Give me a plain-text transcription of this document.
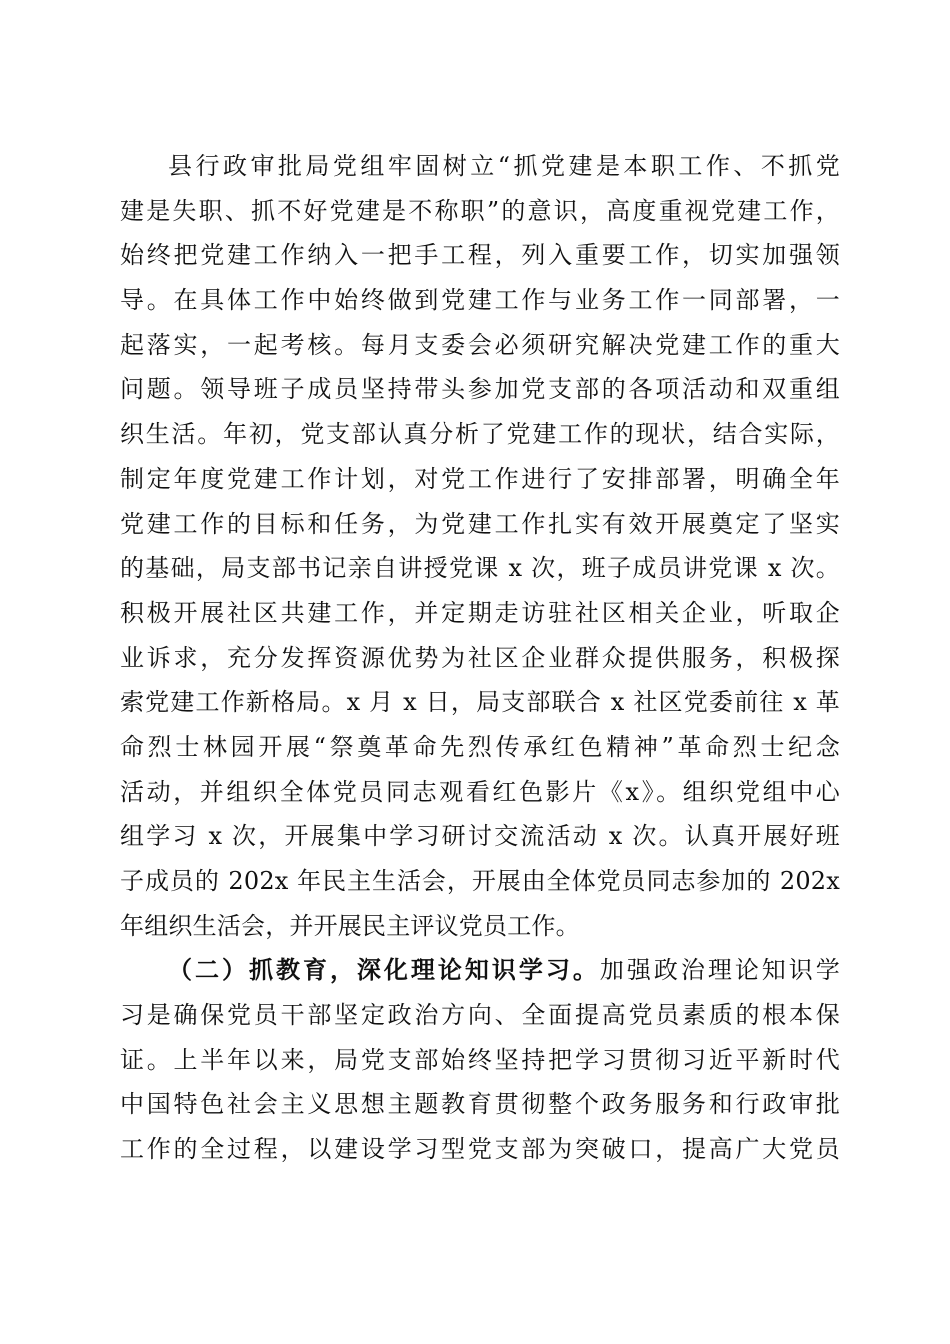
县行政审批局党组牢固树立“抓党建是本职工作、不抓党
建是失职、抓不好党建是不称职”的意识，高度重视党建工作，
始终把党建工作纳入一把手工程，列入重要工作，切实加强领
导。在具体工作中始终做到党建工作与业务工作一同部署，一
起落实，一起考核。每月支委会必须研究解决党建工作的重大
问题。领导班子成员坚持带头参加党支部的各项活动和双重组
织生活。年初，党支部认真分析了党建工作的现状，结合实际，
制定年度党建工作计划，对党工作进行了安排部署，明确全年
党建工作的目标和任务，为党建工作扎实有效开展奠定了坚实
的基础，局支部书记亲自讲授党课 x 次，班子成员讲党课 x 次。
积极开展社区共建工作，并定期走访驻社区相关企业，听取企
业诉求，充分发挥资源优势为社区企业群众提供服务，积极探
索党建工作新格局。x 月 x 日，局支部联合 x 社区党委前往 x 革
命烈士林园开展“祭奠革命先烈传承红色精神”革命烈士纪念
活动，并组织全体党员同志观看红色影片《x》。组织党组中心
组学习 x 次，开展集中学习研讨交流活动 x 次。认真开展好班
子成员的 202x 年民主生活会，开展由全体党员同志参加的 202x
年组织生活会，并开展民主评议党员工作。
（二）抓教育，深化理论知识学习。加强政治理论知识学
习是确保党员干部坚定政治方向、全面提高党员素质的根本保
证。上半年以来，局党支部始终坚持把学习贯彻习近平新时代
中国特色社会主义思想主题教育贯彻整个政务服务和行政审批
工作的全过程，以建设学习型党支部为突破口，提高广大党员
